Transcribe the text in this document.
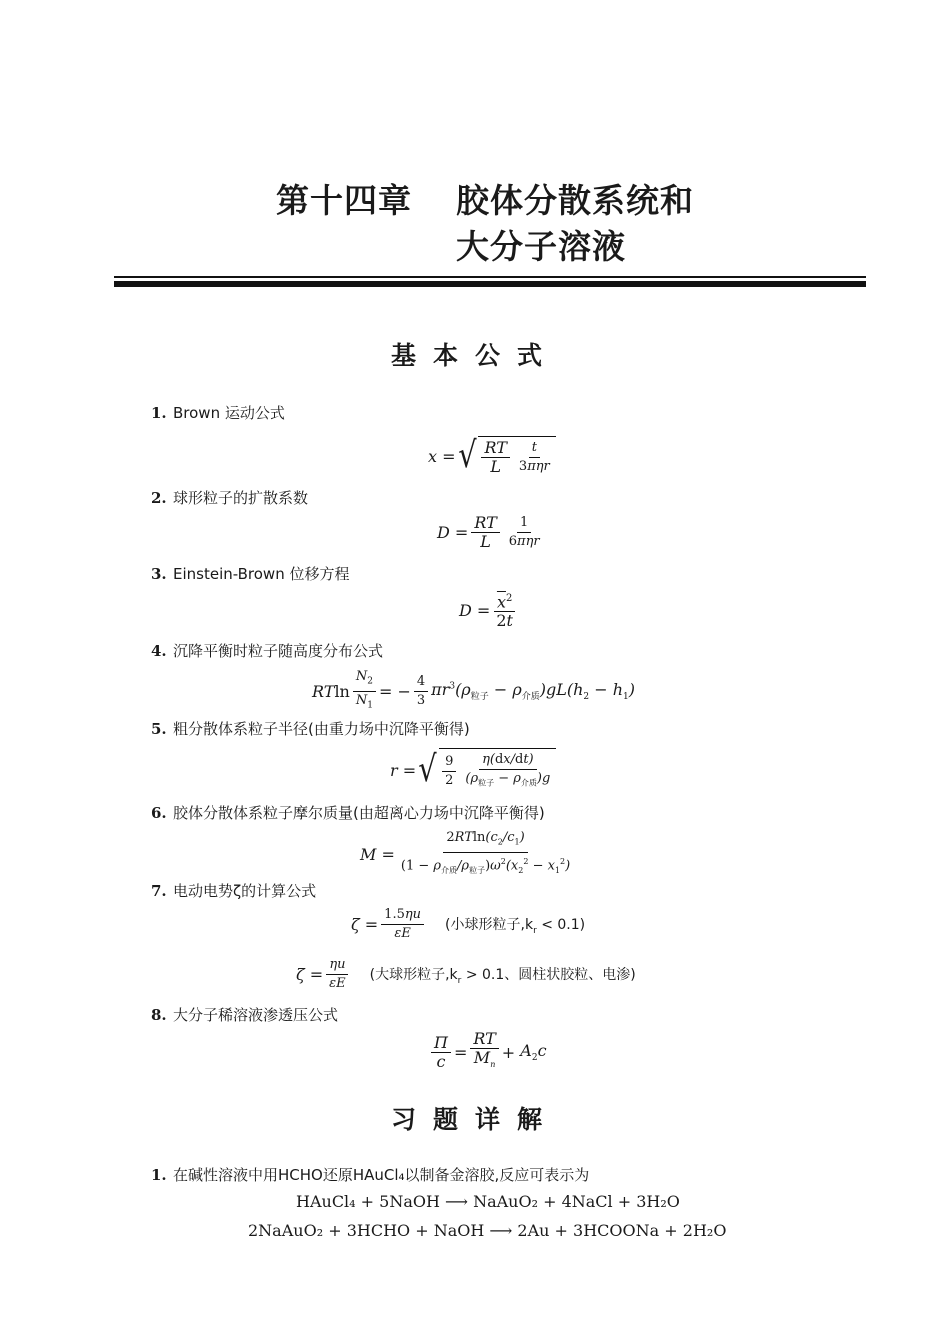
第十四章 胶体分散系统和
大分子溶液
基本公式
1. Brown 运动公式
x
= √ $\frac{RT}{L} \frac{t}{\text{3πηr}}$
2. 球形粒子的扩散系数
D
= $\frac{RT}{L} \frac{1}{\text{6πηr}}$
3. Einstein-Brown 位移方程
D
= $\frac{\overline{x}^2}{2t}$
4. 沉降平衡时粒子随高度分布公式
RT $\ln \frac{N_2}{N_1}$ = − $\frac{4}{3} \pi r^3(\rho_{粒子} - \rho_{介质})gL(h_2 - h_1)$
5. 粗分散体系粒子半径(由重力场中沉降平衡得)
r
= √ $\frac{9}{2} \frac{\eta(dx/dt)}{(\rho_{粒子} - \rho_{介质})g}$
6. 胶体分散体系粒子摩尔质量(由超离心力场中沉降平衡得)
M
= $\frac{2RTln(c_2/c_1)}{(1 - \rho_{介质}/\rho_{粒子})\omega^2(x_2^2 - x_1^2)}$
7. 电动电势ζ的计算公式
ζ
= $\frac{1.5\eta u}{\varepsilon E}$ (小球形粒子$,k_r < 0.1$)
ζ
= $\frac{\eta u}{\varepsilon E}$ (大球形粒子$,k_r > 0.1$、圆柱状胶粒、电渗)
8. 大分子稀溶液渗透压公式
$\frac{\Pi}{c} = \frac{RT}{M_n}$ +
$A_2c$
习题详解
1. 在碱性溶液中用HCHO还原HAuCl₄以制备金溶胶,反应可表示为
HAuCl₄ + 5NaOH ⟶ NaAuO₂ + 4NaCl + 3H₂O
2NaAuO₂ + 3HCHO + NaOH ⟶ 2Au + 3HCOONa + 2H₂O
